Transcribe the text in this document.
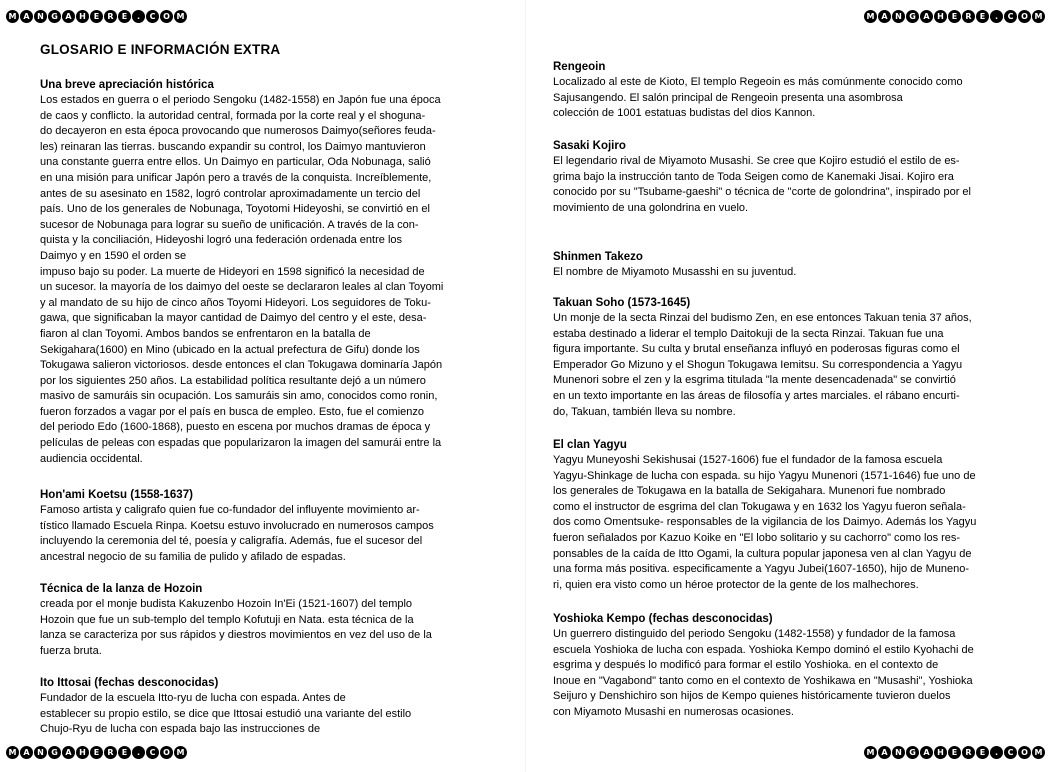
M A N G A H E	R	E	.	C O M	M A N G A H E	R	E	.	C O M
M A N G A H E	R	E	.	C O M	M A N G A H E	R	E	.	C O M
GLOSARIO E INFORMACIÓN EXTRA
Una breve apreciación histórica

Los estados en guerra o el periodo Sengoku (1482-1558) en Japón fue una época
de caos y conflicto. la autoridad central, formada por la corte real y el shoguna-
do decayeron en esta época provocando que numerosos Daimyo(señores feuda-
les) reinaran las tierras. buscando expandir su control, los Daimyo mantuvieron
una constante guerra entre ellos. Un Daimyo en particular, Oda Nobunaga, salió
en una misión para unificar Japón pero a través de la conquista. Increíblemente,
antes de su asesinato en 1582, logró controlar aproximadamente un tercio del
país. Uno de los generales de Nobunaga, Toyotomi Hideyoshi, se convirtió en el
sucesor de Nobunaga para lograr su sueño de unificación. A través de la con-
quista y la conciliación, Hideyoshi logró una federación ordenada entre los
Daimyo y en 1590 el orden se
impuso bajo su poder. La muerte de Hideyori en 1598 significó la necesidad de
un sucesor. la mayoría de los daimyo del oeste se declararon leales al clan Toyomi
y al mandato de su hijo de cinco años Toyomi Hideyori. Los seguidores de Toku-
gawa, que significaban la mayor cantidad de Daimyo del centro y el este, desa-
fiaron al clan Toyomi. Ambos bandos se enfrentaron en la batalla de
Sekigahara(1600) en Mino (ubicado en la actual prefectura de Gifu) donde los
Tokugawa salieron victoriosos. desde entonces el clan Tokugawa dominaría Japón
por los siguientes 250 años. La estabilidad política resultante dejó a un número
masivo de samuráis sin ocupación. Los samuráis sin amo, conocidos como ronin,
fueron forzados a vagar por el país en busca de empleo. Esto, fue el comienzo
del periodo Edo (1600-1868), puesto en escena por muchos dramas de época y
películas de peleas con espadas que popularizaron la imagen del samurái entre la
audiencia occidental.

Hon'ami Koetsu (1558-1637)

Famoso artista y caligrafo quien fue co-fundador del influyente movimiento ar-
tístico llamado Escuela Rinpa. Koetsu estuvo involucrado en numerosos campos
incluyendo la ceremonia del té, poesía y caligrafía. Además, fue el sucesor del
ancestral negocio de su familia de pulido y afilado de espadas.

Técnica de la lanza de Hozoin

creada por el monje budista Kakuzenbo Hozoin In'Ei (1521-1607) del templo
Hozoin que fue un sub-templo del templo Kofutuji en Nata. esta técnica de la
lanza se caracteriza por sus rápidos y diestros movimientos en vez del uso de la
fuerza bruta.

Ito Ittosai (fechas desconocidas)

Fundador de la escuela Itto-ryu de lucha con espada. Antes de
establecer su propio estilo, se dice que Ittosai estudió una variante del estilo
Chujo-Ryu de lucha con espada bajo las instrucciones de

Rengeoin

Localizado al este de Kioto, El templo Regeoin es más comúnmente conocido como
Sajusangendo. El salón principal de Rengeoin presenta una asombrosa
colección de 1001 estatuas budistas del dios Kannon.

Sasaki Kojiro

El legendario rival de Miyamoto Musashi. Se cree que Kojiro estudió el estilo de es-
grima bajo la instrucción tanto de Toda Seigen como de Kanemaki Jisai. Kojiro era
conocido por su "Tsubame-gaeshi" o técnica de "corte de golondrina", inspirado por el
movimiento de una golondrina en vuelo.

Shinmen Takezo

El nombre de Miyamoto Musasshi en su juventud.

Takuan Soho (1573-1645)

Un monje de la secta Rinzai del budismo Zen, en ese entonces Takuan tenia 37 años,
estaba destinado a liderar el templo Daitokuji de la secta Rinzai. Takuan fue una
figura importante. Su culta y brutal enseñanza influyó en poderosas figuras como el
Emperador Go Mizuno y el Shogun Tokugawa Iemitsu. Su correspondencia a Yagyu
Munenori sobre el zen y la esgrima titulada "la mente desencadenada" se convirtió
en un texto importante en las áreas de filosofía y artes marciales. el rábano encurti-
do, Takuan, también lleva su nombre.

El clan Yagyu

Yagyu Muneyoshi Sekishusai (1527-1606) fue el fundador de la famosa escuela
Yagyu-Shinkage de lucha con espada. su hijo Yagyu Munenori (1571-1646) fue uno de
los generales de Tokugawa en la batalla de Sekigahara. Munenori fue nombrado
como el instructor de esgrima del clan Tokugawa y en 1632 los Yagyu fueron señala-
dos como Omentsuke- responsables de la vigilancia de los Daimyo. Además los Yagyu
fueron señalados por Kazuo Koike en "El lobo solitario y su cachorro" como los res-
ponsables de la caída de Itto Ogami, la cultura popular japonesa ven al clan Yagyu de
una forma más positiva. especificamente a Yagyu Jubei(1607-1650), hijo de Muneno-
ri, quien era visto como un héroe protector de la gente de los malhechores.

Yoshioka Kempo (fechas desconocidas)

Un guerrero distinguido del periodo Sengoku (1482-1558) y fundador de la famosa
escuela Yoshioka de lucha con espada. Yoshioka Kempo dominó el estilo Kyohachi de
esgrima y después lo modificó para formar el estilo Yoshioka. en el contexto de
Inoue en "Vagabond" tanto como en el contexto de Yoshikawa en "Musashi", Yoshioka
Seijuro y Denshichiro son hijos de Kempo quienes históricamente tuvieron duelos
con Miyamoto Musashi en numerosas ocasiones.
